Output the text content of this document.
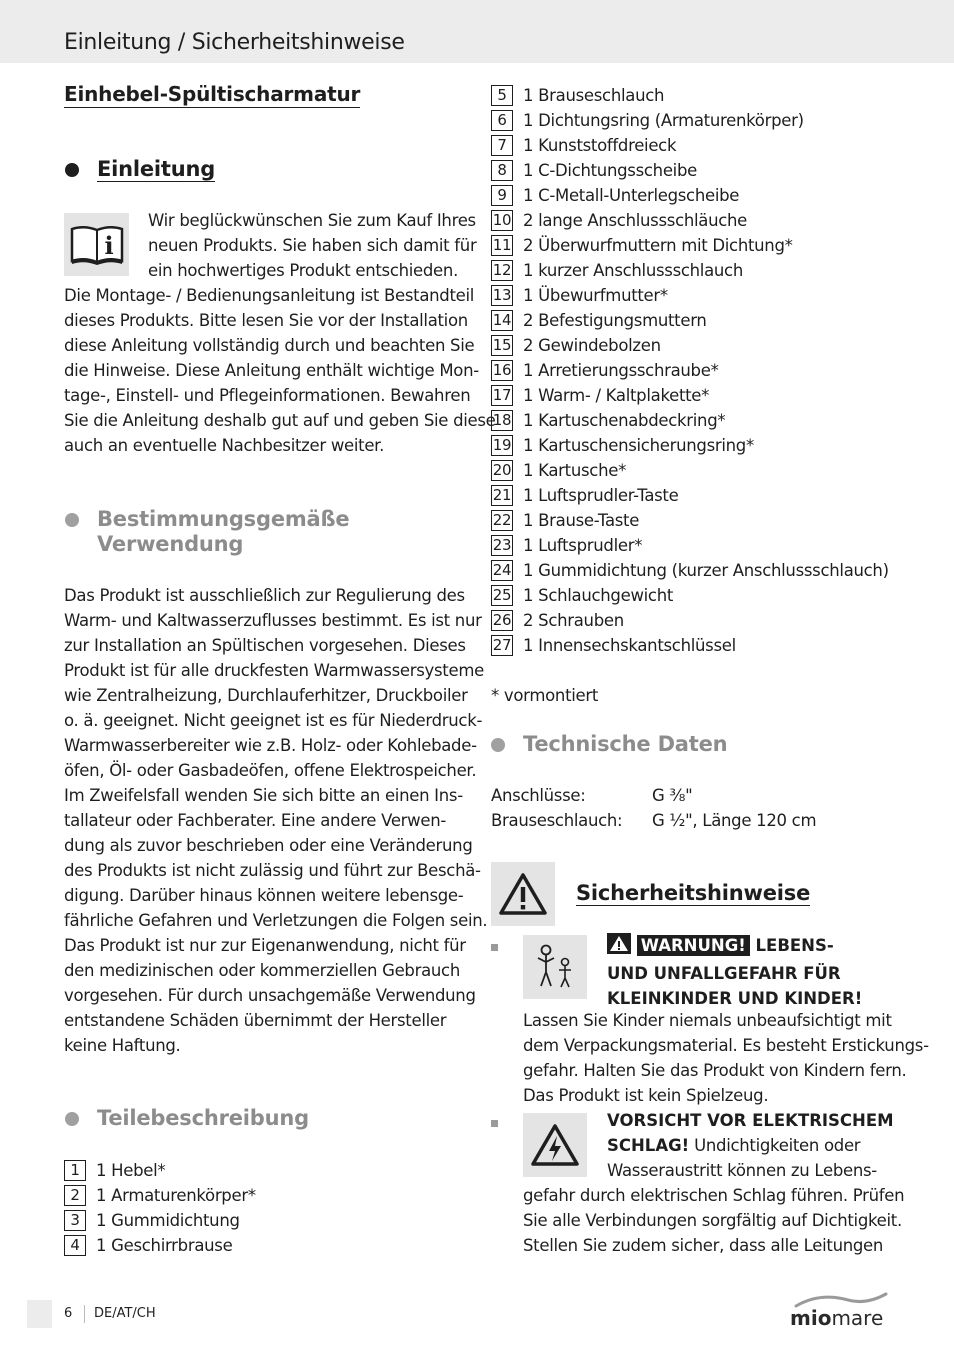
Einleitung / Sicherheitshinweise
Einhebel-Spültischarmatur
Einleitung
i

Wir beglückwünschen Sie zum Kauf Ihres

neuen Produkts. Sie haben sich damit für

ein hochwertiges Produkt entschieden.

Die Montage- / Bedienungsanleitung ist Bestandteil

dieses Produkts. Bitte lesen Sie vor der Installation

diese Anleitung vollständig durch und beachten Sie

die Hinweise. Diese Anleitung enthält wichtige Mon-

tage-, Einstell- und Pflegeinformationen. Bewahren

Sie die Anleitung deshalb gut auf und geben Sie diese

auch an eventuelle Nachbesitzer weiter.

Bestimmungsgemäße
Verwendung

Das Produkt ist ausschließlich zur Regulierung des

Warm- und Kaltwasserzuflusses bestimmt. Es ist nur

zur Installation an Spültischen vorgesehen. Dieses

Produkt ist für alle druckfesten Warmwassersysteme

wie Zentralheizung, Durchlauferhitzer, Druckboiler

o. ä. geeignet. Nicht geeignet ist es für Niederdruck-

Warmwasserbereiter wie z.B. Holz- oder Kohlebade-

öfen, Öl- oder Gasbadeöfen, offene Elektrospeicher.

Im Zweifelsfall wenden Sie sich bitte an einen Ins-

tallateur oder Fachberater. Eine andere Verwen-

dung als zuvor beschrieben oder eine Veränderung

des Produkts ist nicht zulässig und führt zur Beschä-

digung. Darüber hinaus können weitere lebensge-

fährliche Gefahren und Verletzungen die Folgen sein.

Das Produkt ist nur zur Eigenanwendung, nicht für

den medizinischen oder kommerziellen Gebrauch

vorgesehen. Für durch unsachgemäße Verwendung

entstandene Schäden übernimmt der Hersteller

keine Haftung.

Teilebeschreibung
1 1 Hebel*
2 1 Armaturenkörper*
3 1 Gummidichtung
4 1 Geschirrbrause
5 1 Brauseschlauch
6 1 Dichtungsring (Armaturenkörper)
7 1 Kunststoffdreieck
8 1 C-Dichtungsscheibe
9 1 C-Metall-Unterlegscheibe
10 2 lange Anschlussschläuche
11 2 Überwurfmuttern mit Dichtung*
12 1 kurzer Anschlussschlauch
13 1 Übewurfmutter*
14 2 Befestigungsmuttern
15 2 Gewindebolzen
16 1 Arretierungsschraube*
17 1 Warm- / Kaltplakette*
18 1 Kartuschenabdeckring*
19 1 Kartuschensicherungsring*
20 1 Kartusche*
21 1 Luftsprudler-Taste
22 1 Brause-Taste
23 1 Luftsprudler*
24 1 Gummidichtung (kurzer Anschlussschlauch)
25 1 Schlauchgewicht
26 2 Schrauben
27 1 Innensechskantschlüssel

* vormontiert

Technische Daten
Anschlüsse:	G ⅜"
Brauseschlauch:	G ½", Länge 120 cm
Sicherheitshinweise

WARNUNG! LEBENS-

UND UNFALLGEFAHR FÜR

KLEINKINDER UND KINDER!

Lassen Sie Kinder niemals unbeaufsichtigt mit

dem Verpackungsmaterial. Es besteht Erstickungs-

gefahr. Halten Sie das Produkt von Kindern fern.

Das Produkt ist kein Spielzeug.

VORSICHT VOR ELEKTRISCHEM

SCHLAG! Undichtigkeiten oder

Wasseraustritt können zu Lebens-

gefahr durch elektrischen Schlag führen. Prüfen

Sie alle Verbindungen sorgfältig auf Dichtigkeit.

Stellen Sie zudem sicher, dass alle Leitungen

6 DE/AT/CH	miomare
